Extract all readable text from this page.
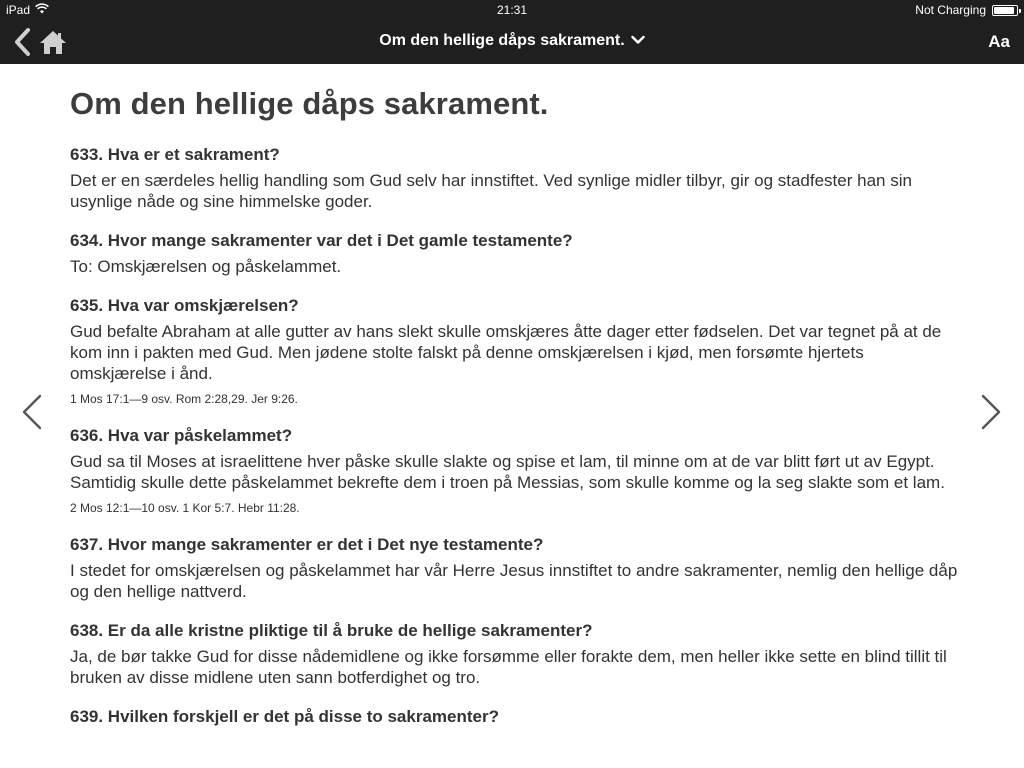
iPad	21:31	Not Charging
Om den hellige dåps sakrament.	Aa
Om den hellige dåps sakrament.
633. Hva er et sakrament?
Det er en særdeles hellig handling som Gud selv har innstiftet. Ved synlige midler tilbyr, gir og stadfester han sin usynlige nåde og sine himmelske goder.
634. Hvor mange sakramenter var det i Det gamle testamente?
To: Omskjærelsen og påskelammet.
635. Hva var omskjærelsen?
Gud befalte Abraham at alle gutter av hans slekt skulle omskjæres åtte dager etter fødselen. Det var tegnet på at de kom inn i pakten med Gud. Men jødene stolte falskt på denne omskjærelsen i kjød, men forsømte hjertets omskjærelse i ånd.
1 Mos 17:1—9 osv. Rom 2:28,29. Jer 9:26.
636. Hva var påskelammet?
Gud sa til Moses at israelittene hver påske skulle slakte og spise et lam, til minne om at de var blitt ført ut av Egypt. Samtidig skulle dette påskelammet bekrefte dem i troen på Messias, som skulle komme og la seg slakte som et lam.
2 Mos 12:1—10 osv. 1 Kor 5:7. Hebr 11:28.
637. Hvor mange sakramenter er det i Det nye testamente?
I stedet for omskjærelsen og påskelammet har vår Herre Jesus innstiftet to andre sakramenter, nemlig den hellige dåp og den hellige nattverd.
638. Er da alle kristne pliktige til å bruke de hellige sakramenter?
Ja, de bør takke Gud for disse nådemidlene og ikke forsømme eller forakte dem, men heller ikke sette en blind tillit til bruken av disse midlene uten sann botferdighet og tro.
639. Hvilken forskjell er det på disse to sakramenter?
